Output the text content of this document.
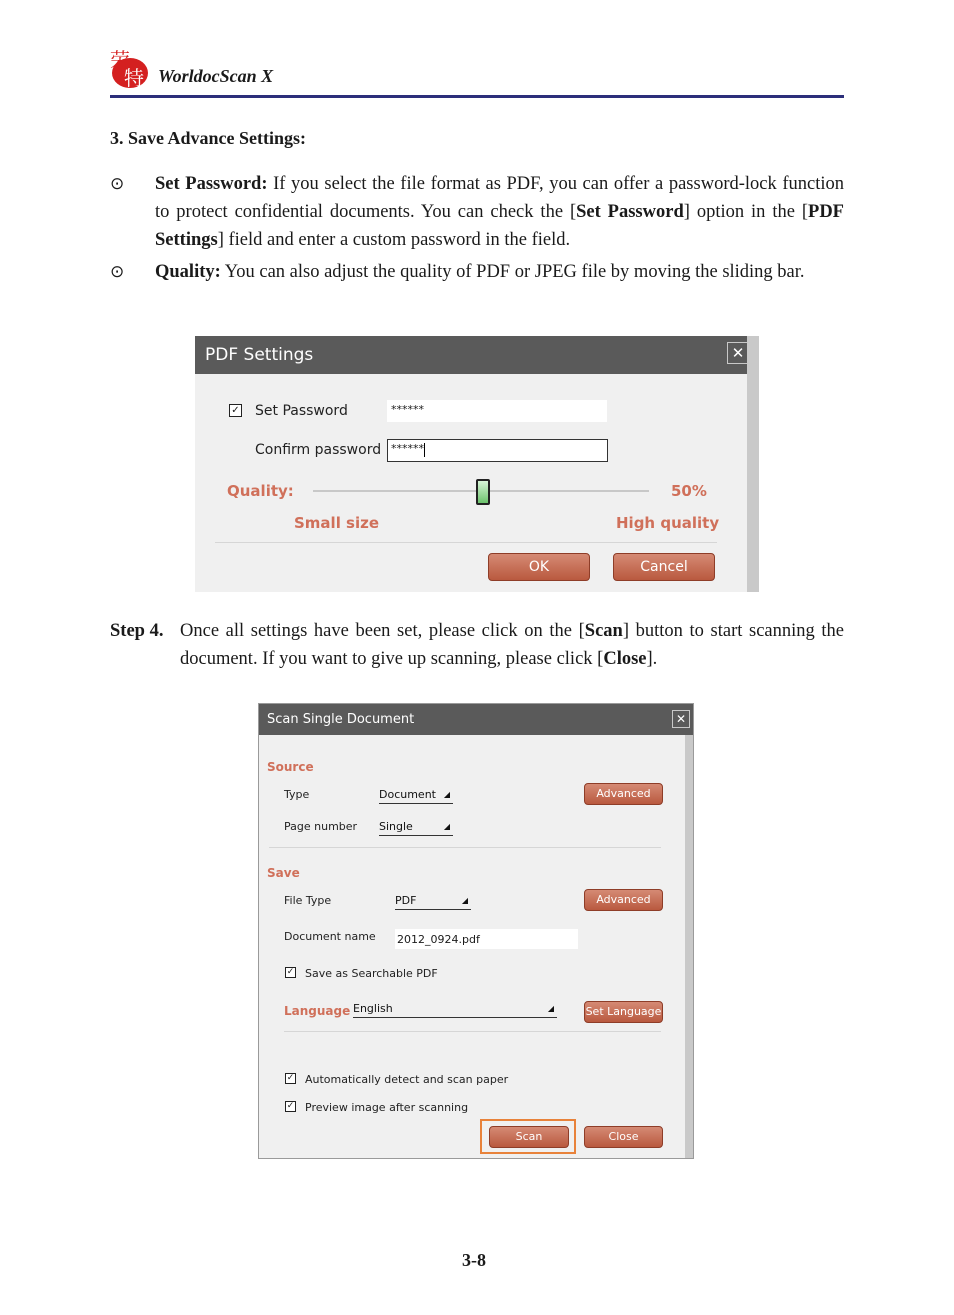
荣
特 WorldocScan X
3. Save Advance Settings:
⊙ Set Password: If you select the file format as PDF, you can offer a password-lock function to protect confidential documents. You can check the [Set Password] option in the [PDF Settings] field and enter a custom password in the field.
⊙ Quality: You can also adjust the quality of PDF or JPEG file by moving the sliding bar.
PDF Settings	✕
✓ Set Password	******
Confirm password ******
Quality:	50%
Small size	High quality
OK	Cancel
Step 4. Once all settings have been set, please click on the [Scan] button to start scanning the document. If you want to give up scanning, please click [Close].
Scan Single Document	✕
Source
Type	Document ◢	Advanced
Page number Single	◢
Save
File Type	PDF	◢	Advanced
Document name 2012_0924.pdf
✓ Save as Searchable PDF
Language English	◢	Set Language
✓ Automatically detect and scan paper
✓ Preview image after scanning
Scan	Close
3-8
